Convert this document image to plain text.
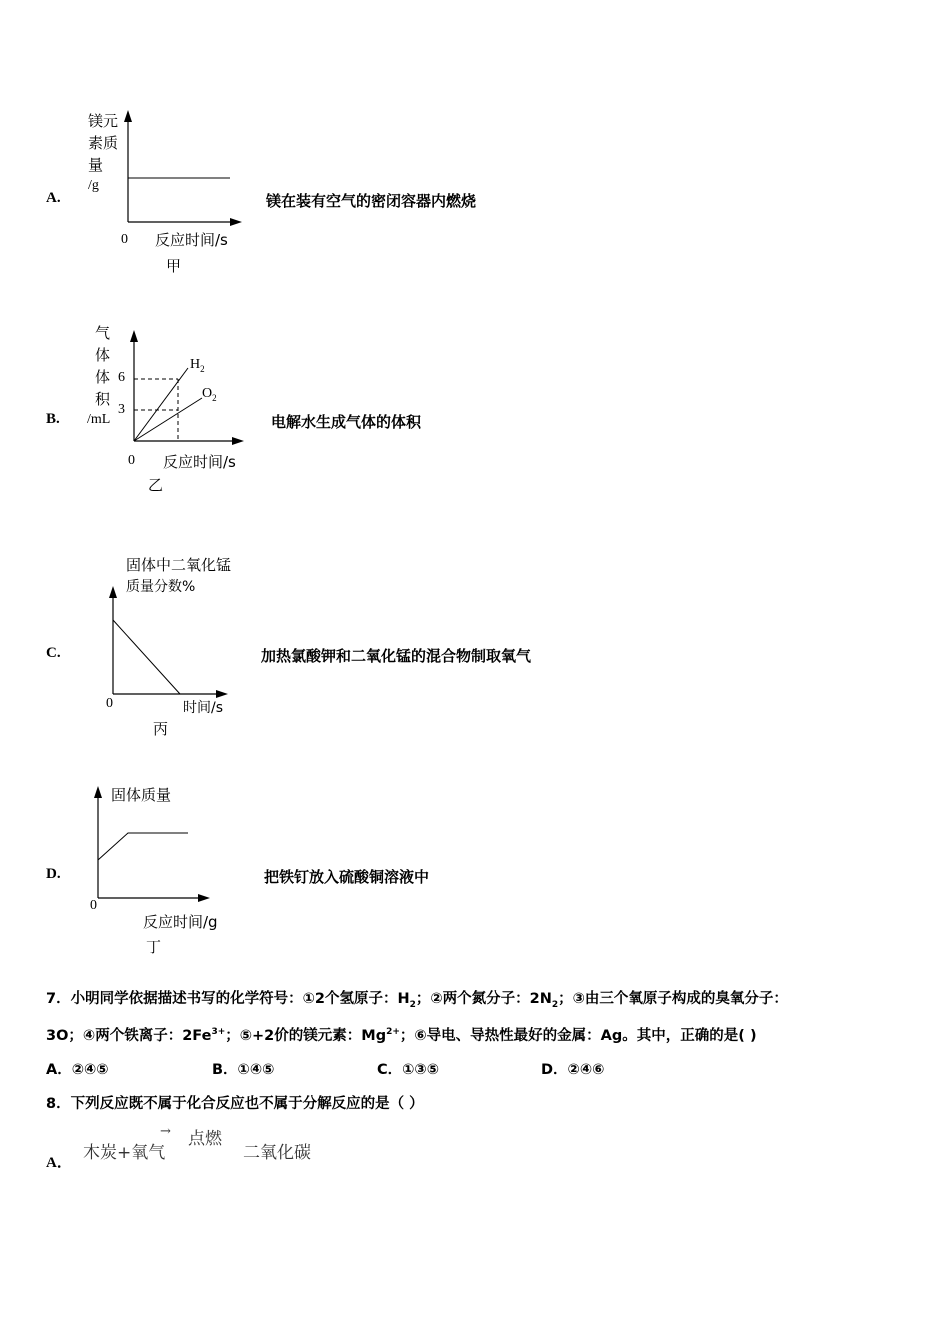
A.
镁元
素质
量
/g
0 反应时间/s
甲
镁在装有空气的密闭容器内燃烧
B.
气
体
体
积
/mL
6
3
$H_2$
$O_2$
0 反应时间/s
乙
电解水生成气体的体积
C.
固体中二氧化锰
质量分数%
0	时间/s
丙
加热氯酸钾和二氧化锰的混合物制取氧气
D.
固体质量
0
反应时间/g
丁
把铁钉放入硫酸铜溶液中
7．小明同学依据描述书写的化学符号：①2个氢原子：$H_2$；②两个氮分子：$2N_2$；③由三个氧原子构成的臭氧分子：
3O；④两个铁离子：$2Fe^{3+}$；⑤+2价的镁元素：$Mg^{2+}$；⑥导电、导热性最好的金属：Ag。其中，正确的是( )
A．②④⑤	B．①④⑤	C．①③⑤	D．②④⑥
8．下列反应既不属于化合反应也不属于分解反应的是（ ）
A． 木炭+氧气
→ 点燃
二氧化碳
